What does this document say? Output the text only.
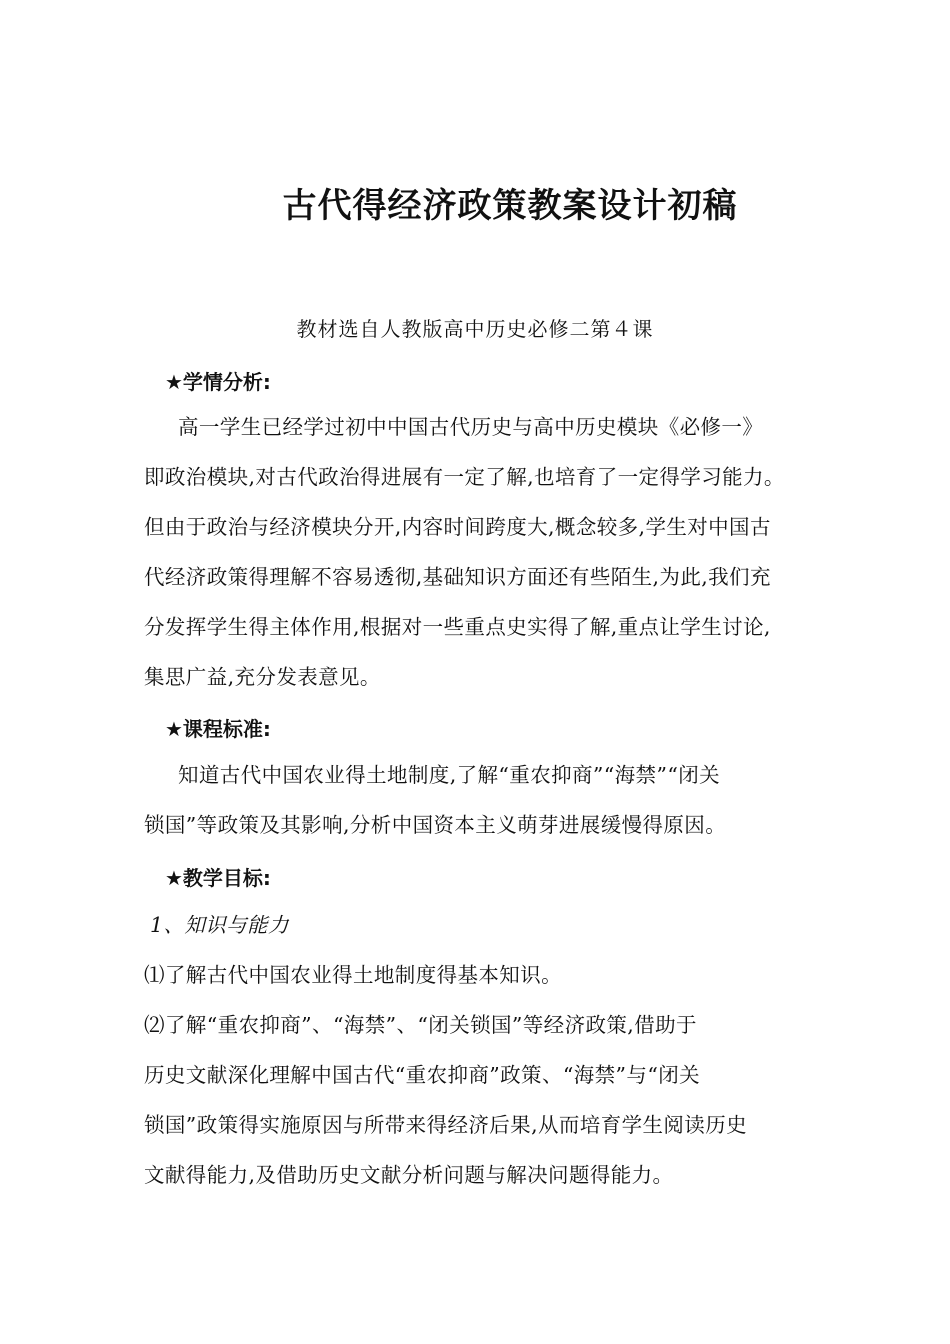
古代得经济政策教案设计初稿
教材选自人教版高中历史必修二第４课
★学情分析:

高一学生已经学过初中中国古代历史与高中历史模块《必修一》

即政治模块,对古代政治得进展有一定了解,也培育了一定得学习能力。

但由于政治与经济模块分开,内容时间跨度大,概念较多,学生对中国古

代经济政策得理解不容易透彻,基础知识方面还有些陌生,为此,我们充

分发挥学生得主体作用,根据对一些重点史实得了解,重点让学生讨论,

集思广益,充分发表意见。

★课程标准:

知道古代中国农业得土地制度,了解“重农抑商”“海禁”“闭关

锁国”等政策及其影响,分析中国资本主义萌芽进展缓慢得原因。

★教学目标:

1、知识与能力

⑴了解古代中国农业得土地制度得基本知识。

⑵了解“重农抑商”、“海禁”、“闭关锁国”等经济政策,借助于

历史文献深化理解中国古代“重农抑商”政策、“海禁”与“闭关

锁国”政策得实施原因与所带来得经济后果,从而培育学生阅读历史

文献得能力,及借助历史文献分析问题与解决问题得能力。
